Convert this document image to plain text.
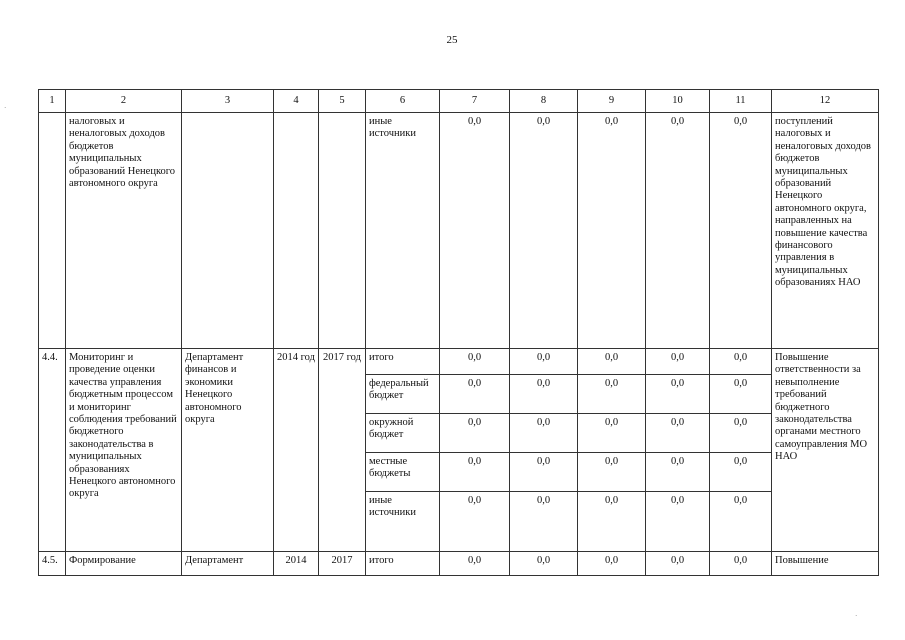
25
1	2	3	4	5	6	7	8	9	10	11	12
	налоговых и неналоговых доходов бюджетов муниципальных образований Ненецкого автономного округа				иные источники	0,0	0,0	0,0	0,0	0,0	поступлений налоговых и неналоговых доходов бюджетов муниципальных образований Ненецкого автономного округа, направленных на повышение качества финансового управления в муниципальных образованиях НАО
4.4.	Мониторинг и проведение оценки качества управления бюджетным процессом и мониторинг соблюдения требований бюджетного законодательства в муниципальных образованиях Ненецкого автономного округа	Департамент финансов и экономики Ненецкого автономного округа	2014 год	2017 год	итого	0,0	0,0	0,0	0,0	0,0	Повышение ответственности за невыполнение требований бюджетного законодательства органами местного самоуправления МО НАО
					федеральный бюджет	0,0	0,0	0,0	0,0	0,0	
					окружной бюджет	0,0	0,0	0,0	0,0	0,0	
					местные бюджеты	0,0	0,0	0,0	0,0	0,0	
					иные источники	0,0	0,0	0,0	0,0	0,0	
4.5.	Формирование	Департамент	2014	2017	итого	0,0	0,0	0,0	0,0	0,0	Повышение
·
·
